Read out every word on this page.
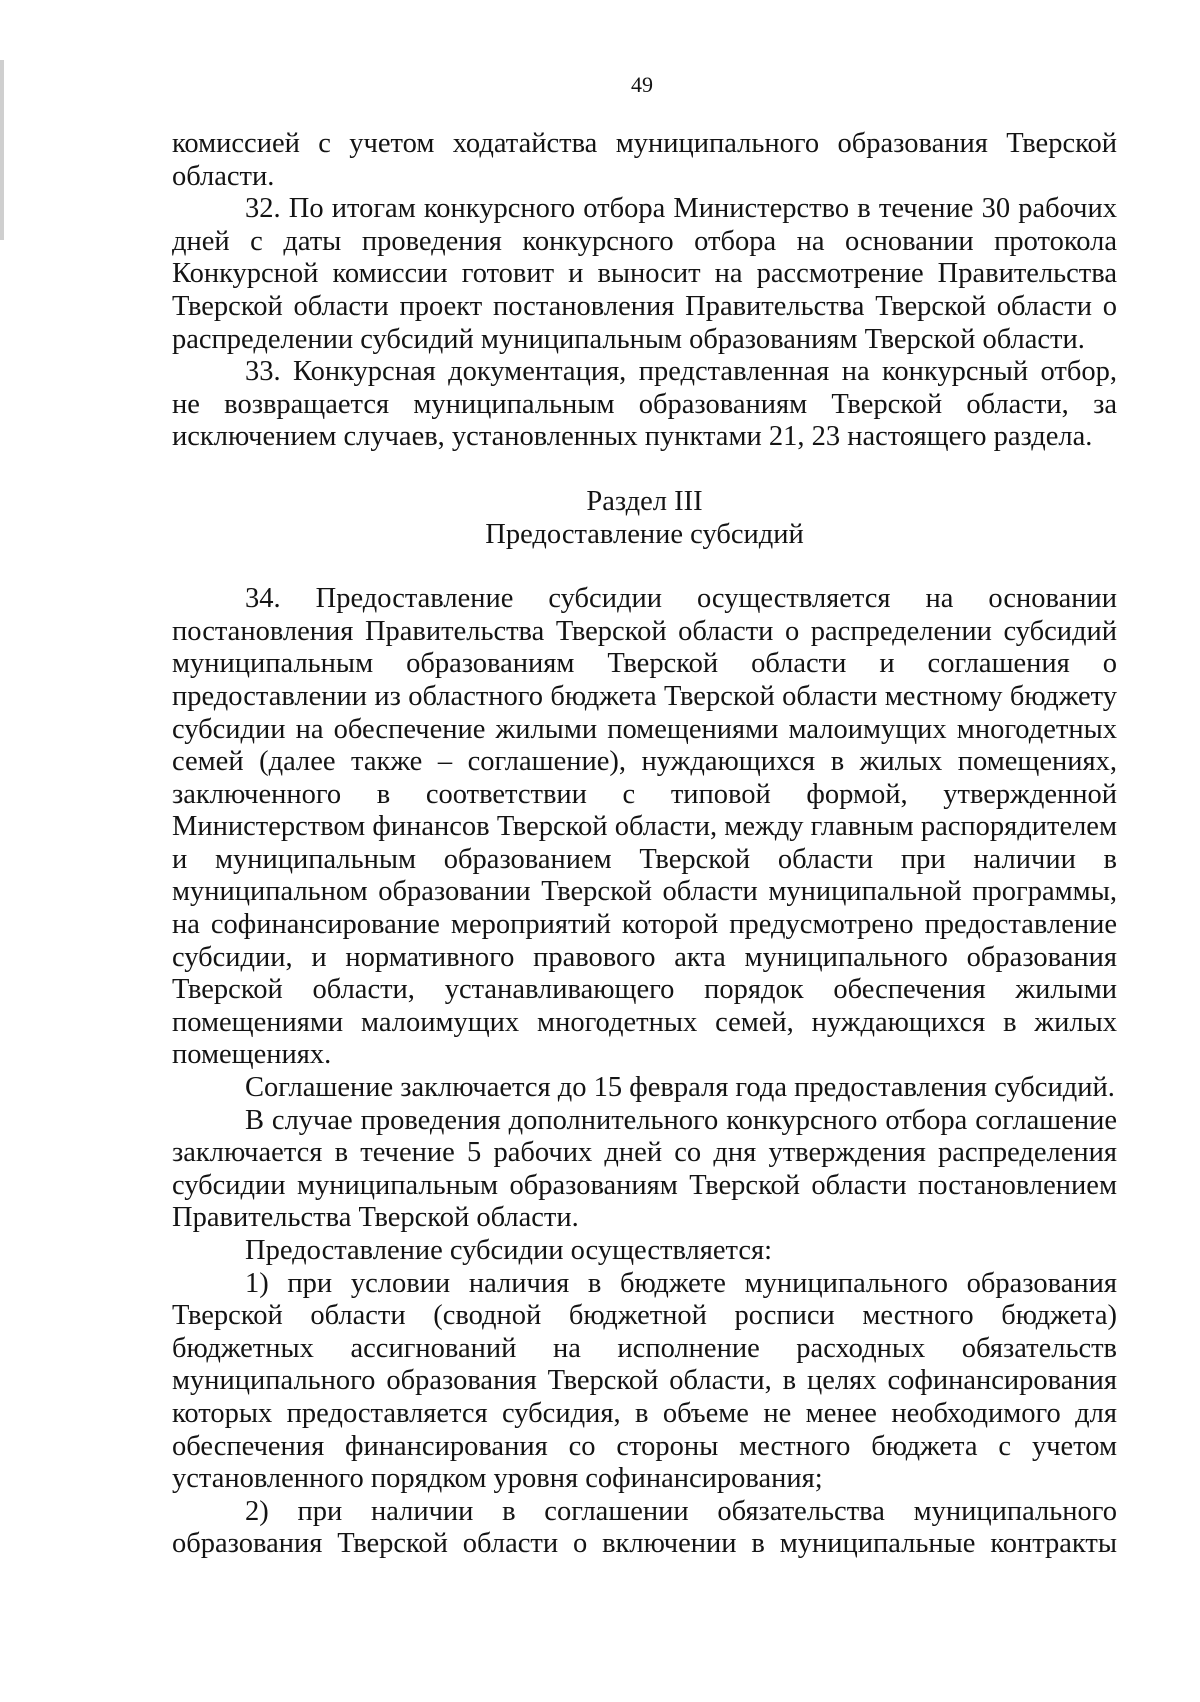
49

комиссией с учетом ходатайства муниципального образования Тверской области.

32. По итогам конкурсного отбора Министерство в течение 30 рабочих дней с даты проведения конкурсного отбора на основании протокола Конкурсной комиссии готовит и выносит на рассмотрение Правительства Тверской области проект постановления Правительства Тверской области о распределении субсидий муниципальным образованиям Тверской области.

33. Конкурсная документация, представленная на конкурсный отбор, не возвращается муниципальным образованиям Тверской области, за исключением случаев, установленных пунктами 21, 23 настоящего раздела.

Раздел III

Предоставление субсидий

34. Предоставление субсидии осуществляется на основании постановления Правительства Тверской области о распределении субсидий муниципальным образованиям Тверской области и соглашения о предоставлении из областного бюджета Тверской области местному бюджету субсидии на обеспечение жилыми помещениями малоимущих многодетных семей (далее также – соглашение), нуждающихся в жилых помещениях, заключенного в соответствии с типовой формой, утвержденной Министерством финансов Тверской области, между главным распорядителем и муниципальным образованием Тверской области при наличии в муниципальном образовании Тверской области муниципальной программы, на софинансирование мероприятий которой предусмотрено предоставление субсидии, и нормативного правового акта муниципального образования Тверской области, устанавливающего порядок обеспечения жилыми помещениями малоимущих многодетных семей, нуждающихся в жилых помещениях.

Соглашение заключается до 15 февраля года предоставления субсидий.

В случае проведения дополнительного конкурсного отбора соглашение заключается в течение 5 рабочих дней со дня утверждения распределения субсидии муниципальным образованиям Тверской области постановлением Правительства Тверской области.

Предоставление субсидии осуществляется:

1) при условии наличия в бюджете муниципального образования Тверской области (сводной бюджетной росписи местного бюджета) бюджетных ассигнований на исполнение расходных обязательств муниципального образования Тверской области, в целях софинансирования которых предоставляется субсидия, в объеме не менее необходимого для обеспечения финансирования со стороны местного бюджета с учетом установленного порядком уровня софинансирования;

2) при наличии в соглашении обязательства муниципального образования Тверской области о включении в муниципальные контракты
